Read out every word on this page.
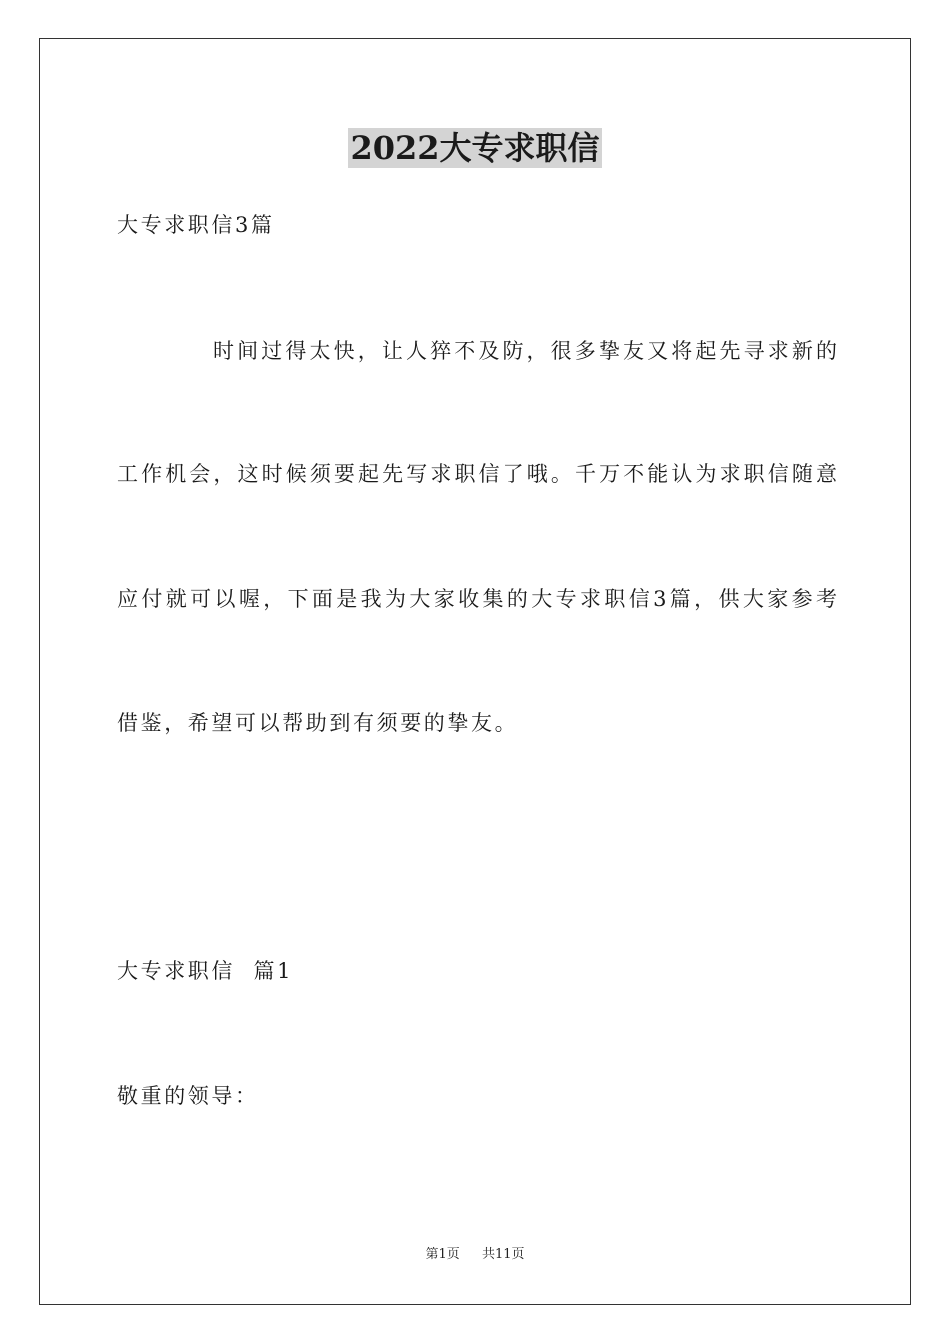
2022大专求职信
大专求职信3篇
时间过得太快，让人猝不及防，很多挚友又将起先寻求新的
工作机会，这时候须要起先写求职信了哦。千万不能认为求职信随意
应付就可以喔，下面是我为大家收集的大专求职信3篇，供大家参考
借鉴，希望可以帮助到有须要的挚友。
大专求职信  篇1
敬重的领导：
第1页 共11页
